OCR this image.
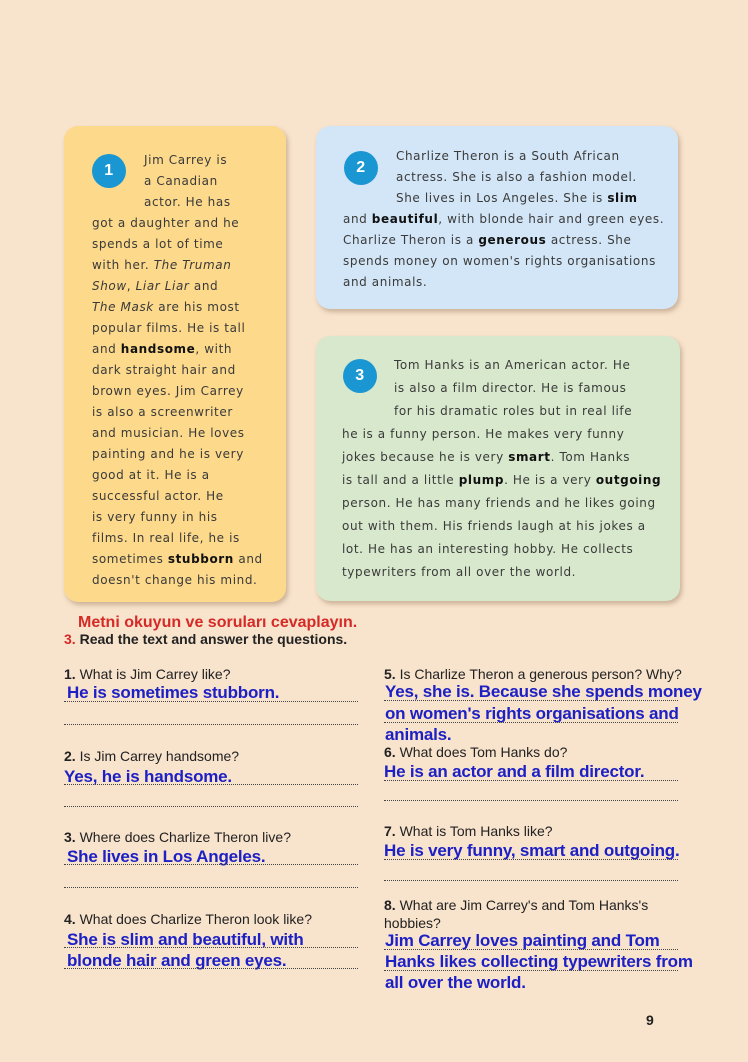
1
Jim Carrey is
a Canadian
actor. He has
got a daughter and he
spends a lot of time
with her. The Truman
Show, Liar Liar and
The Mask are his most
popular films. He is tall
and handsome, with
dark straight hair and
brown eyes. Jim Carrey
is also a screenwriter
and musician. He loves
painting and he is very
good at it. He is a
successful actor. He
is very funny in his
films. In real life, he is
sometimes stubborn and
doesn't change his mind.
2
Charlize Theron is a South African
actress. She is also a fashion model.
She lives in Los Angeles. She is slim
and beautiful, with blonde hair and green eyes.
Charlize Theron is a generous actress. She
spends money on women's rights organisations
and animals.
3
Tom Hanks is an American actor. He
is also a film director. He is famous
for his dramatic roles but in real life
he is a funny person. He makes very funny
jokes because he is very smart. Tom Hanks
is tall and a little plump. He is a very outgoing
person. He has many friends and he likes going
out with them. His friends laugh at his jokes a
lot. He has an interesting hobby. He collects
typewriters from all over the world.
Metni okuyun ve soruları cevaplayın.
3. Read the text and answer the questions.
1. What is Jim Carrey like?
He is sometimes stubborn.
2. Is Jim Carrey handsome?
Yes, he is handsome.
3. Where does Charlize Theron live?
She lives in Los Angeles.
4. What does Charlize Theron look like?
She is slim and beautiful, with
blonde hair and green eyes.
5. Is Charlize Theron a generous person? Why?
Yes, she is. Because she spends money
on women's rights organisations and
animals.
6. What does Tom Hanks do?
He is an actor and a film director.
7. What is Tom Hanks like?
He is very funny, smart and outgoing.
8. What are Jim Carrey's and Tom Hanks's
hobbies?
Jim Carrey loves painting and Tom
Hanks likes collecting typewriters from
all over the world.
9
